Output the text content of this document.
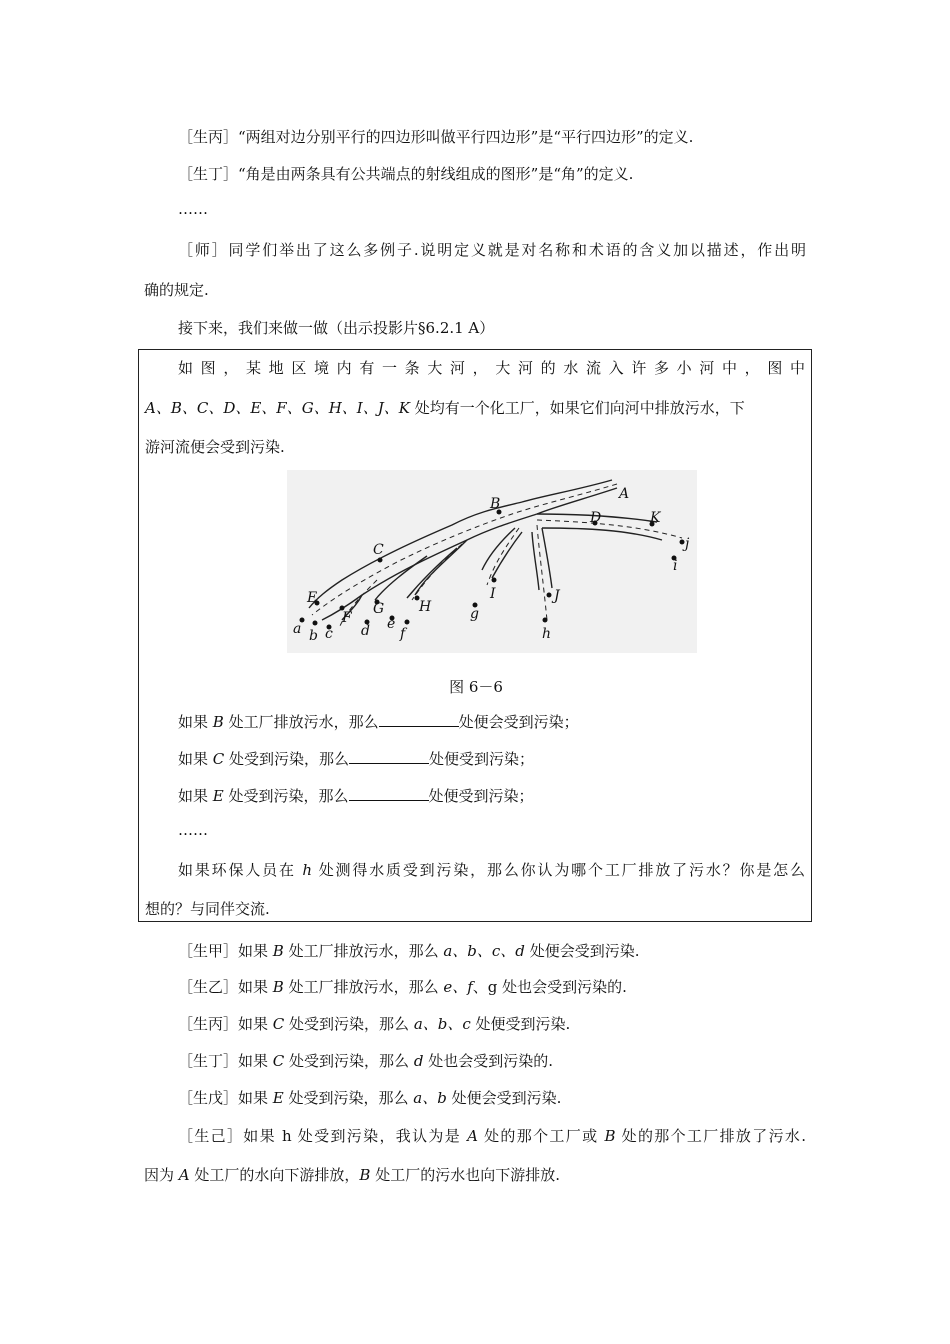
［生丙］“两组对边分别平行的四边形叫做平行四边形”是“平行四边形”的定义.
［生丁］“角是由两条具有公共端点的射线组成的图形”是“角”的定义.
……
［师］同学们举出了这么多例子.说明定义就是对名称和术语的含义加以描述，作出明
确的规定.
接下来，我们来做一做（出示投影片§6.2.1 A）
如图，某地区境内有一条大河，大河的水流入许多小河中，图中
A、B、C、D、E、F、G、H、I、J、K 处均有一个化工厂，如果它们向河中排放污水，下
游河流便会受到污染.
A
B
C
D
E
F
G H
I	J
K
a b c d e
f
g
h
i
j
图 6－6
如果 B 处工厂排放污水，那么	处便会受到污染；
如果 C 处受到污染，那么	处便受到污染；
如果 E 处受到污染，那么	处便受到污染；
……
如果环保人员在 h 处测得水质受到污染，那么你认为哪个工厂排放了污水？你是怎么
想的？与同伴交流.
［生甲］如果 B 处工厂排放污水，那么 a、b、c、d 处便会受到污染.
［生乙］如果 B 处工厂排放污水，那么 e、f、g 处也会受到污染的.
［生丙］如果 C 处受到污染，那么 a、b、c 处便受到污染.
［生丁］如果 C 处受到污染，那么 d 处也会受到污染的.
［生戊］如果 E 处受到污染，那么 a、b 处便会受到污染.
［生己］如果 h 处受到污染，我认为是 A 处的那个工厂或 B 处的那个工厂排放了污水.
因为 A 处工厂的水向下游排放，B 处工厂的污水也向下游排放.
